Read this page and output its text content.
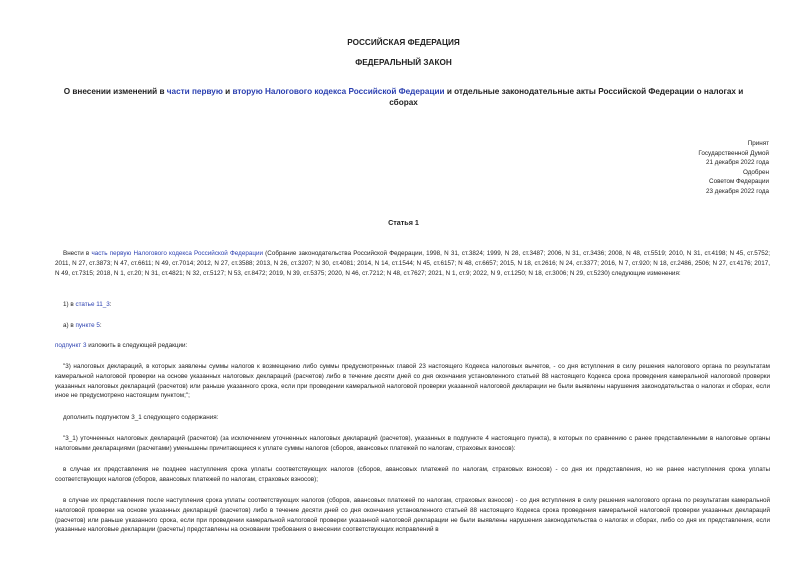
РОССИЙСКАЯ ФЕДЕРАЦИЯ
ФЕДЕРАЛЬНЫЙ ЗАКОН
О внесении изменений в части первую и вторую Налогового кодекса Российской Федерации и отдельные законодательные акты Российской Федерации о налогах и сборах
Принят
Государственной Думой
21 декабря 2022 года
Одобрен
Советом Федерации
23 декабря 2022 года
Статья 1
Внести в часть первую Налогового кодекса Российской Федерации (Собрание законодательства Российской Федерации, 1998, N 31, ст.3824; 1999, N 28, ст.3487; 2006, N 31, ст.3436; 2008, N 48, ст.5519; 2010, N 31, ст.4198; N 45, ст.5752; 2011, N 27, ст.3873; N 47, ст.6611; N 49, ст.7014; 2012, N 27, ст.3588; 2013, N 26, ст.3207; N 30, ст.4081; 2014, N 14, ст.1544; N 45, ст.6157; N 48, ст.6657; 2015, N 18, ст.2616; N 24, ст.3377; 2016, N 7, ст.920; N 18, ст.2486, 2506; N 27, ст.4176; 2017, N 49, ст.7315; 2018, N 1, ст.20; N 31, ст.4821; N 32, ст.5127; N 53, ст.8472; 2019, N 39, ст.5375; 2020, N 46, ст.7212; N 48, ст.7627; 2021, N 1, ст.9; 2022, N 9, ст.1250; N 18, ст.3006; N 29, ст.5230) следующие изменения:
1) в статье 11_3:
а) в пункте 5:
подпункт 3 изложить в следующей редакции:
"3) налоговых деклараций, в которых заявлены суммы налогов к возмещению либо суммы предусмотренных главой 23 настоящего Кодекса налоговых вычетов, - со дня вступления в силу решения налогового органа по результатам камеральной налоговой проверки на основе указанных налоговых деклараций (расчетов) либо в течение десяти дней со дня окончания установленного статьей 88 настоящего Кодекса срока проведения камеральной налоговой проверки указанных налоговых деклараций (расчетов) или раньше указанного срока, если при проведении камеральной налоговой проверки указанной налоговой декларации не были выявлены нарушения законодательства о налогах и сборах, если иное не предусмотрено настоящим пунктом;";
дополнить подпунктом 3_1 следующего содержания:
"3_1) уточненных налоговых деклараций (расчетов) (за исключением уточненных налоговых деклараций (расчетов), указанных в подпункте 4 настоящего пункта), в которых по сравнению с ранее представленными в налоговые органы налоговыми декларациями (расчетами) уменьшены причитающиеся к уплате суммы налогов (сборов, авансовых платежей по налогам, страховых взносов):
в случае их представления не позднее наступления срока уплаты соответствующих налогов (сборов, авансовых платежей по налогам, страховых взносов) - со дня их представления, но не ранее наступления срока уплаты соответствующих налогов (сборов, авансовых платежей по налогам, страховых взносов);
в случае их представления после наступления срока уплаты соответствующих налогов (сборов, авансовых платежей по налогам, страховых взносов) - со дня вступления в силу решения налогового органа по результатам камеральной налоговой проверки на основе указанных деклараций (расчетов) либо в течение десяти дней со дня окончания установленного статьей 88 настоящего Кодекса срока проведения камеральной налоговой проверки указанных деклараций (расчетов) или раньше указанного срока, если при проведении камеральной налоговой проверки указанной налоговой декларации не были выявлены нарушения законодательства о налогах и сборах, либо со дня их представления, если указанные налоговые декларации (расчеты) представлены на основании требования о внесении соответствующих исправлений в
